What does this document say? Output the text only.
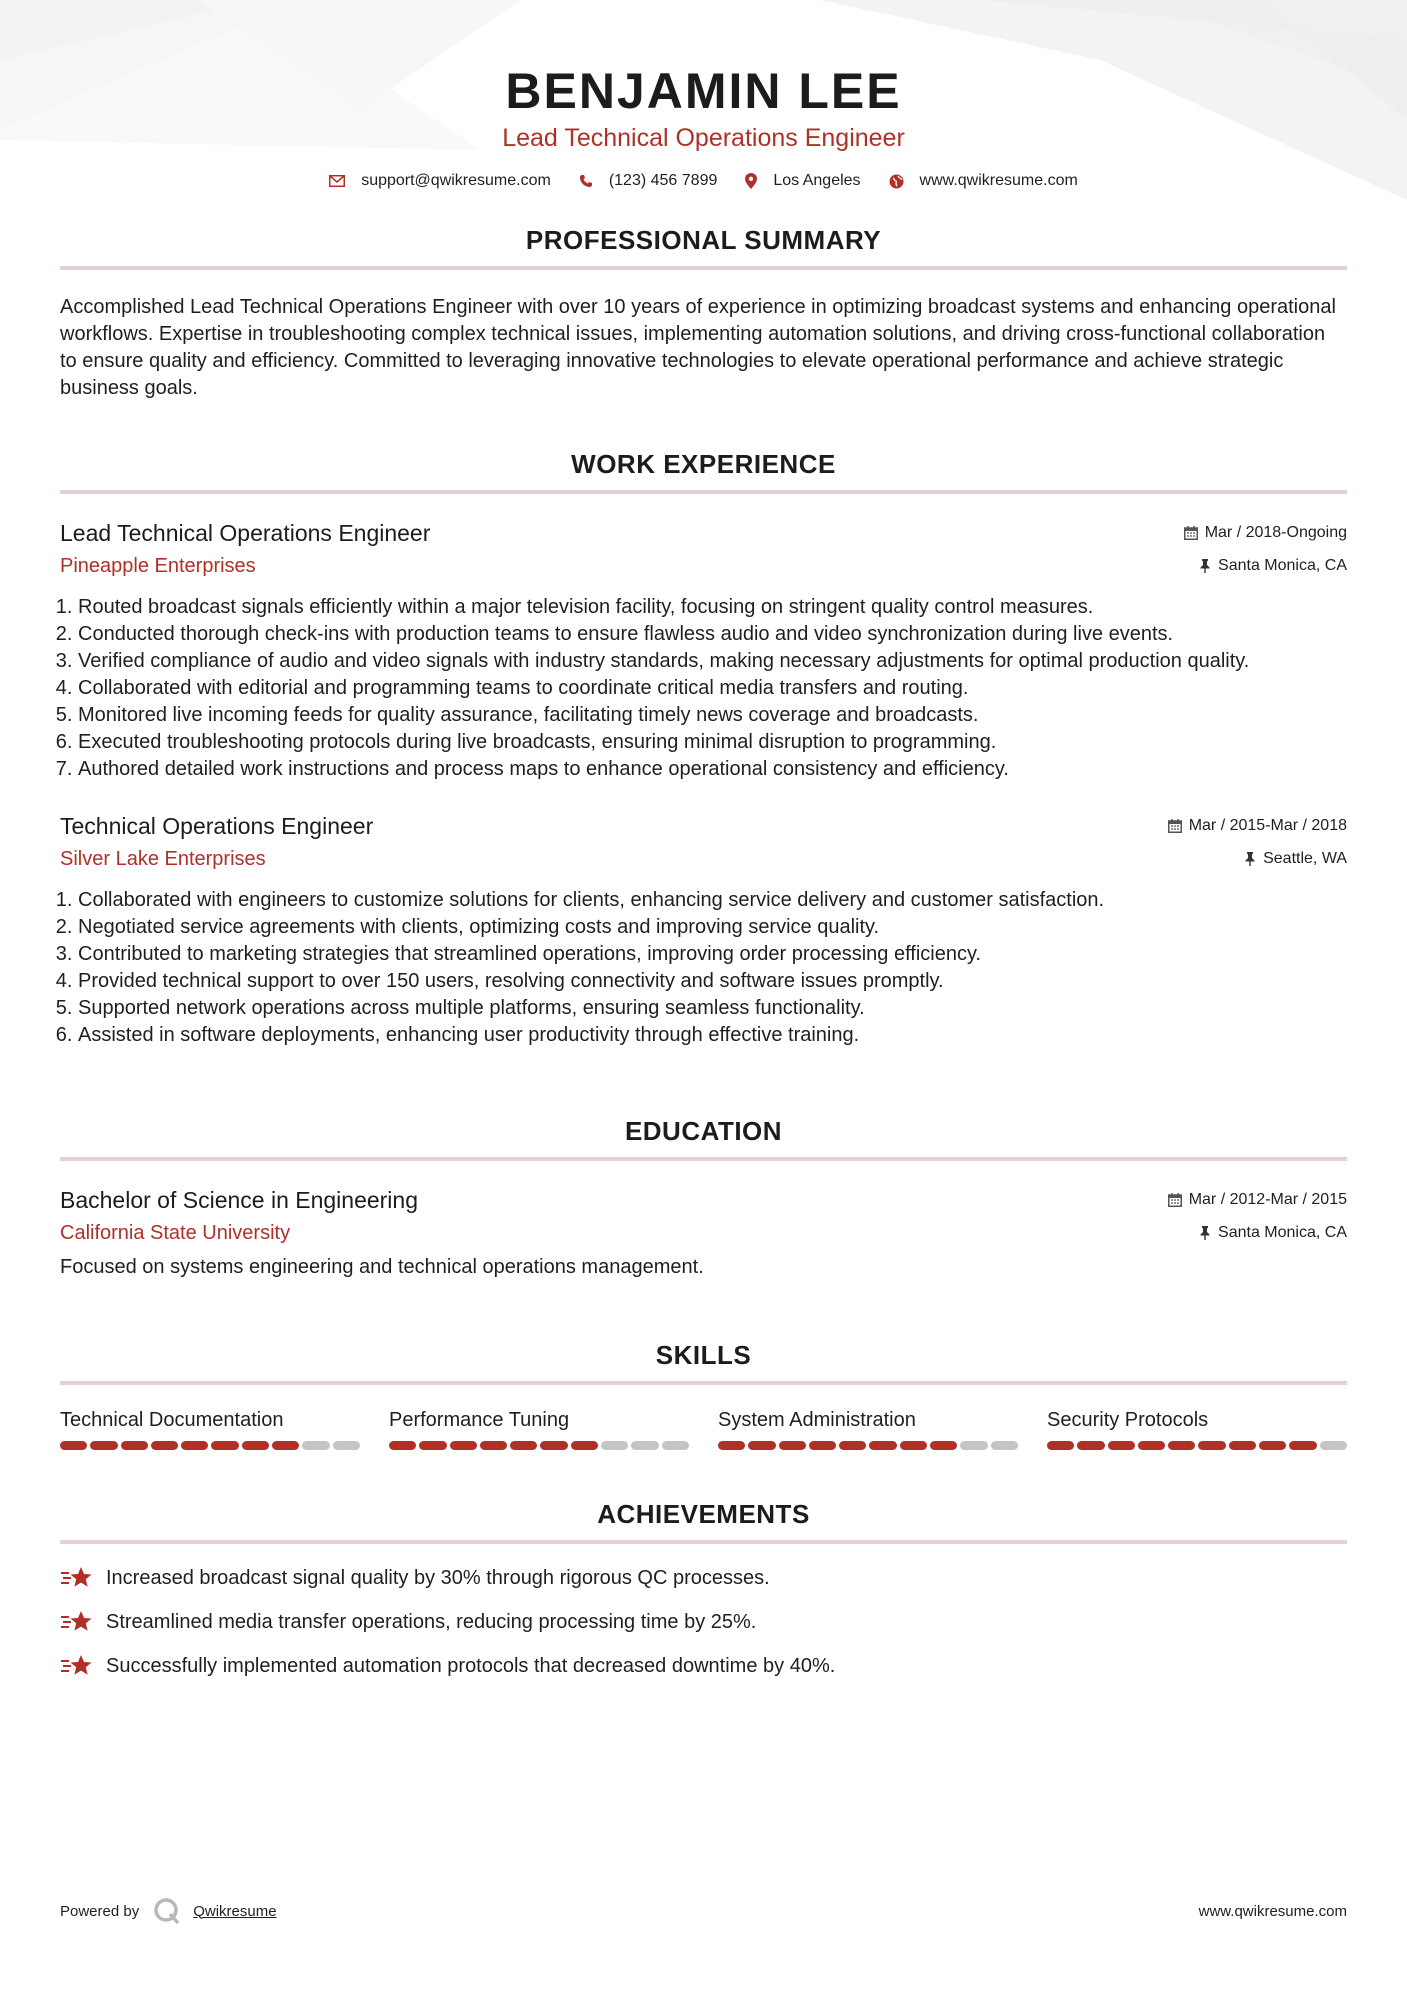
BENJAMIN LEE
Lead Technical Operations Engineer
support@qwikresume.com	(123) 456 7899	Los Angeles	www.qwikresume.com
PROFESSIONAL SUMMARY

Accomplished Lead Technical Operations Engineer with over 10 years of experience in optimizing broadcast systems and enhancing operational workflows. Expertise in troubleshooting complex technical issues, implementing automation solutions, and driving cross-functional collaboration to ensure quality and efficiency. Committed to leveraging innovative technologies to elevate operational performance and achieve strategic business goals.

WORK EXPERIENCE
Lead Technical Operations Engineer	Mar / 2018-Ongoing
Pineapple Enterprises	Santa Monica, CA
1. Routed broadcast signals efficiently within a major television facility, focusing on stringent quality control measures.
2. Conducted thorough check-ins with production teams to ensure flawless audio and video synchronization during live events.
3. Verified compliance of audio and video signals with industry standards, making necessary adjustments for optimal production quality.
4. Collaborated with editorial and programming teams to coordinate critical media transfers and routing.
5. Monitored live incoming feeds for quality assurance, facilitating timely news coverage and broadcasts.
6. Executed troubleshooting protocols during live broadcasts, ensuring minimal disruption to programming.
7. Authored detailed work instructions and process maps to enhance operational consistency and efficiency.
Technical Operations Engineer	Mar / 2015-Mar / 2018
Silver Lake Enterprises	Seattle, WA
1. Collaborated with engineers to customize solutions for clients, enhancing service delivery and customer satisfaction.
2. Negotiated service agreements with clients, optimizing costs and improving service quality.
3. Contributed to marketing strategies that streamlined operations, improving order processing efficiency.
4. Provided technical support to over 150 users, resolving connectivity and software issues promptly.
5. Supported network operations across multiple platforms, ensuring seamless functionality.
6. Assisted in software deployments, enhancing user productivity through effective training.
EDUCATION
Bachelor of Science in Engineering	Mar / 2012-Mar / 2015
California State University	Santa Monica, CA

Focused on systems engineering and technical operations management.

SKILLS
Technical Documentation	Performance Tuning	System Administration	Security Protocols
ACHIEVEMENTS
Increased broadcast signal quality by 30% through rigorous QC processes.
Streamlined media transfer operations, reducing processing time by 25%.
Successfully implemented automation protocols that decreased downtime by 40%.
Powered by	Qwikresume	www.qwikresume.com
